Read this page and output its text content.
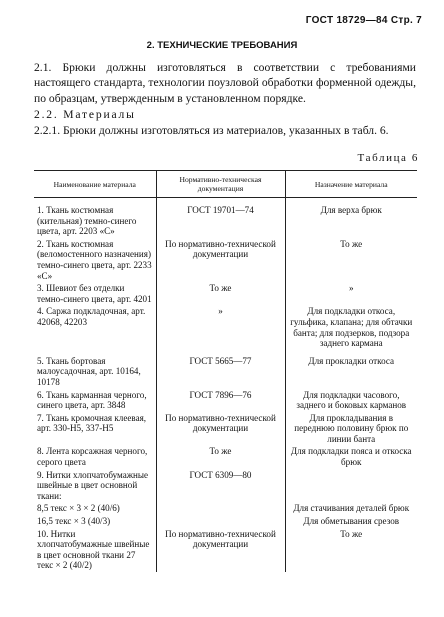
ГОСТ 18729—84 Стр. 7
2. ТЕХНИЧЕСКИЕ ТРЕБОВАНИЯ
2.1. Брюки должны изготовляться в соответствии с требованиями настоящего стандарта, технологии поузловой обработки форменной одежды, по образцам, утвержденным в установленном порядке.
2.2. Материалы
2.2.1. Брюки должны изготовляться из материалов, указанных в табл. 6.
Таблица 6
Наименование материала	Нормативно-техническая документация	Назначение материала
1. Ткань костюмная (кительная) темно-синего цвета, арт. 2203 «С»	ГОСТ 19701—74	Для верха брюк
2. Ткань костюмная (веломостенного назначения) темно-синего цвета, арт. 2233 «С»	По нормативно-технической документации	То же
3. Шевиот без отделки темно-синего цвета, арт. 4201	То же	»
4. Саржа подкладочная, арт. 42068, 42203	»	Для подкладки откоса, гульфика, клапана; для обтачки банта; для подзерков, подзора заднего кармана
5. Ткань бортовая малоусадочная, арт. 10164, 10178	ГОСТ 5665—77	Для прокладки откоса
6. Ткань карманная черного, синего цвета, арт. 3848	ГОСТ 7896—76	Для подкладки часового, заднего и боковых карманов
7. Ткань кромочная клеевая, арт. 330-Н5, 337-Н5	По нормативно-технической документации	Для прокладывания в переднюю половину брюк по линии банта
8. Лента корсажная черного, серого цвета	То же	Для подкладки пояса и откоска брюк
9. Нитки хлопчатобумажные швейные в цвет основной ткани:	ГОСТ 6309—80	
8,5 текс × 3 × 2 (40/6)		Для стачивания деталей брюк
16,5 текс × 3 (40/3)		Для обметывания срезов
10. Нитки хлопчатобумажные швейные в цвет основной ткани 27 текс × 2 (40/2)	По нормативно-технической документации	То же
